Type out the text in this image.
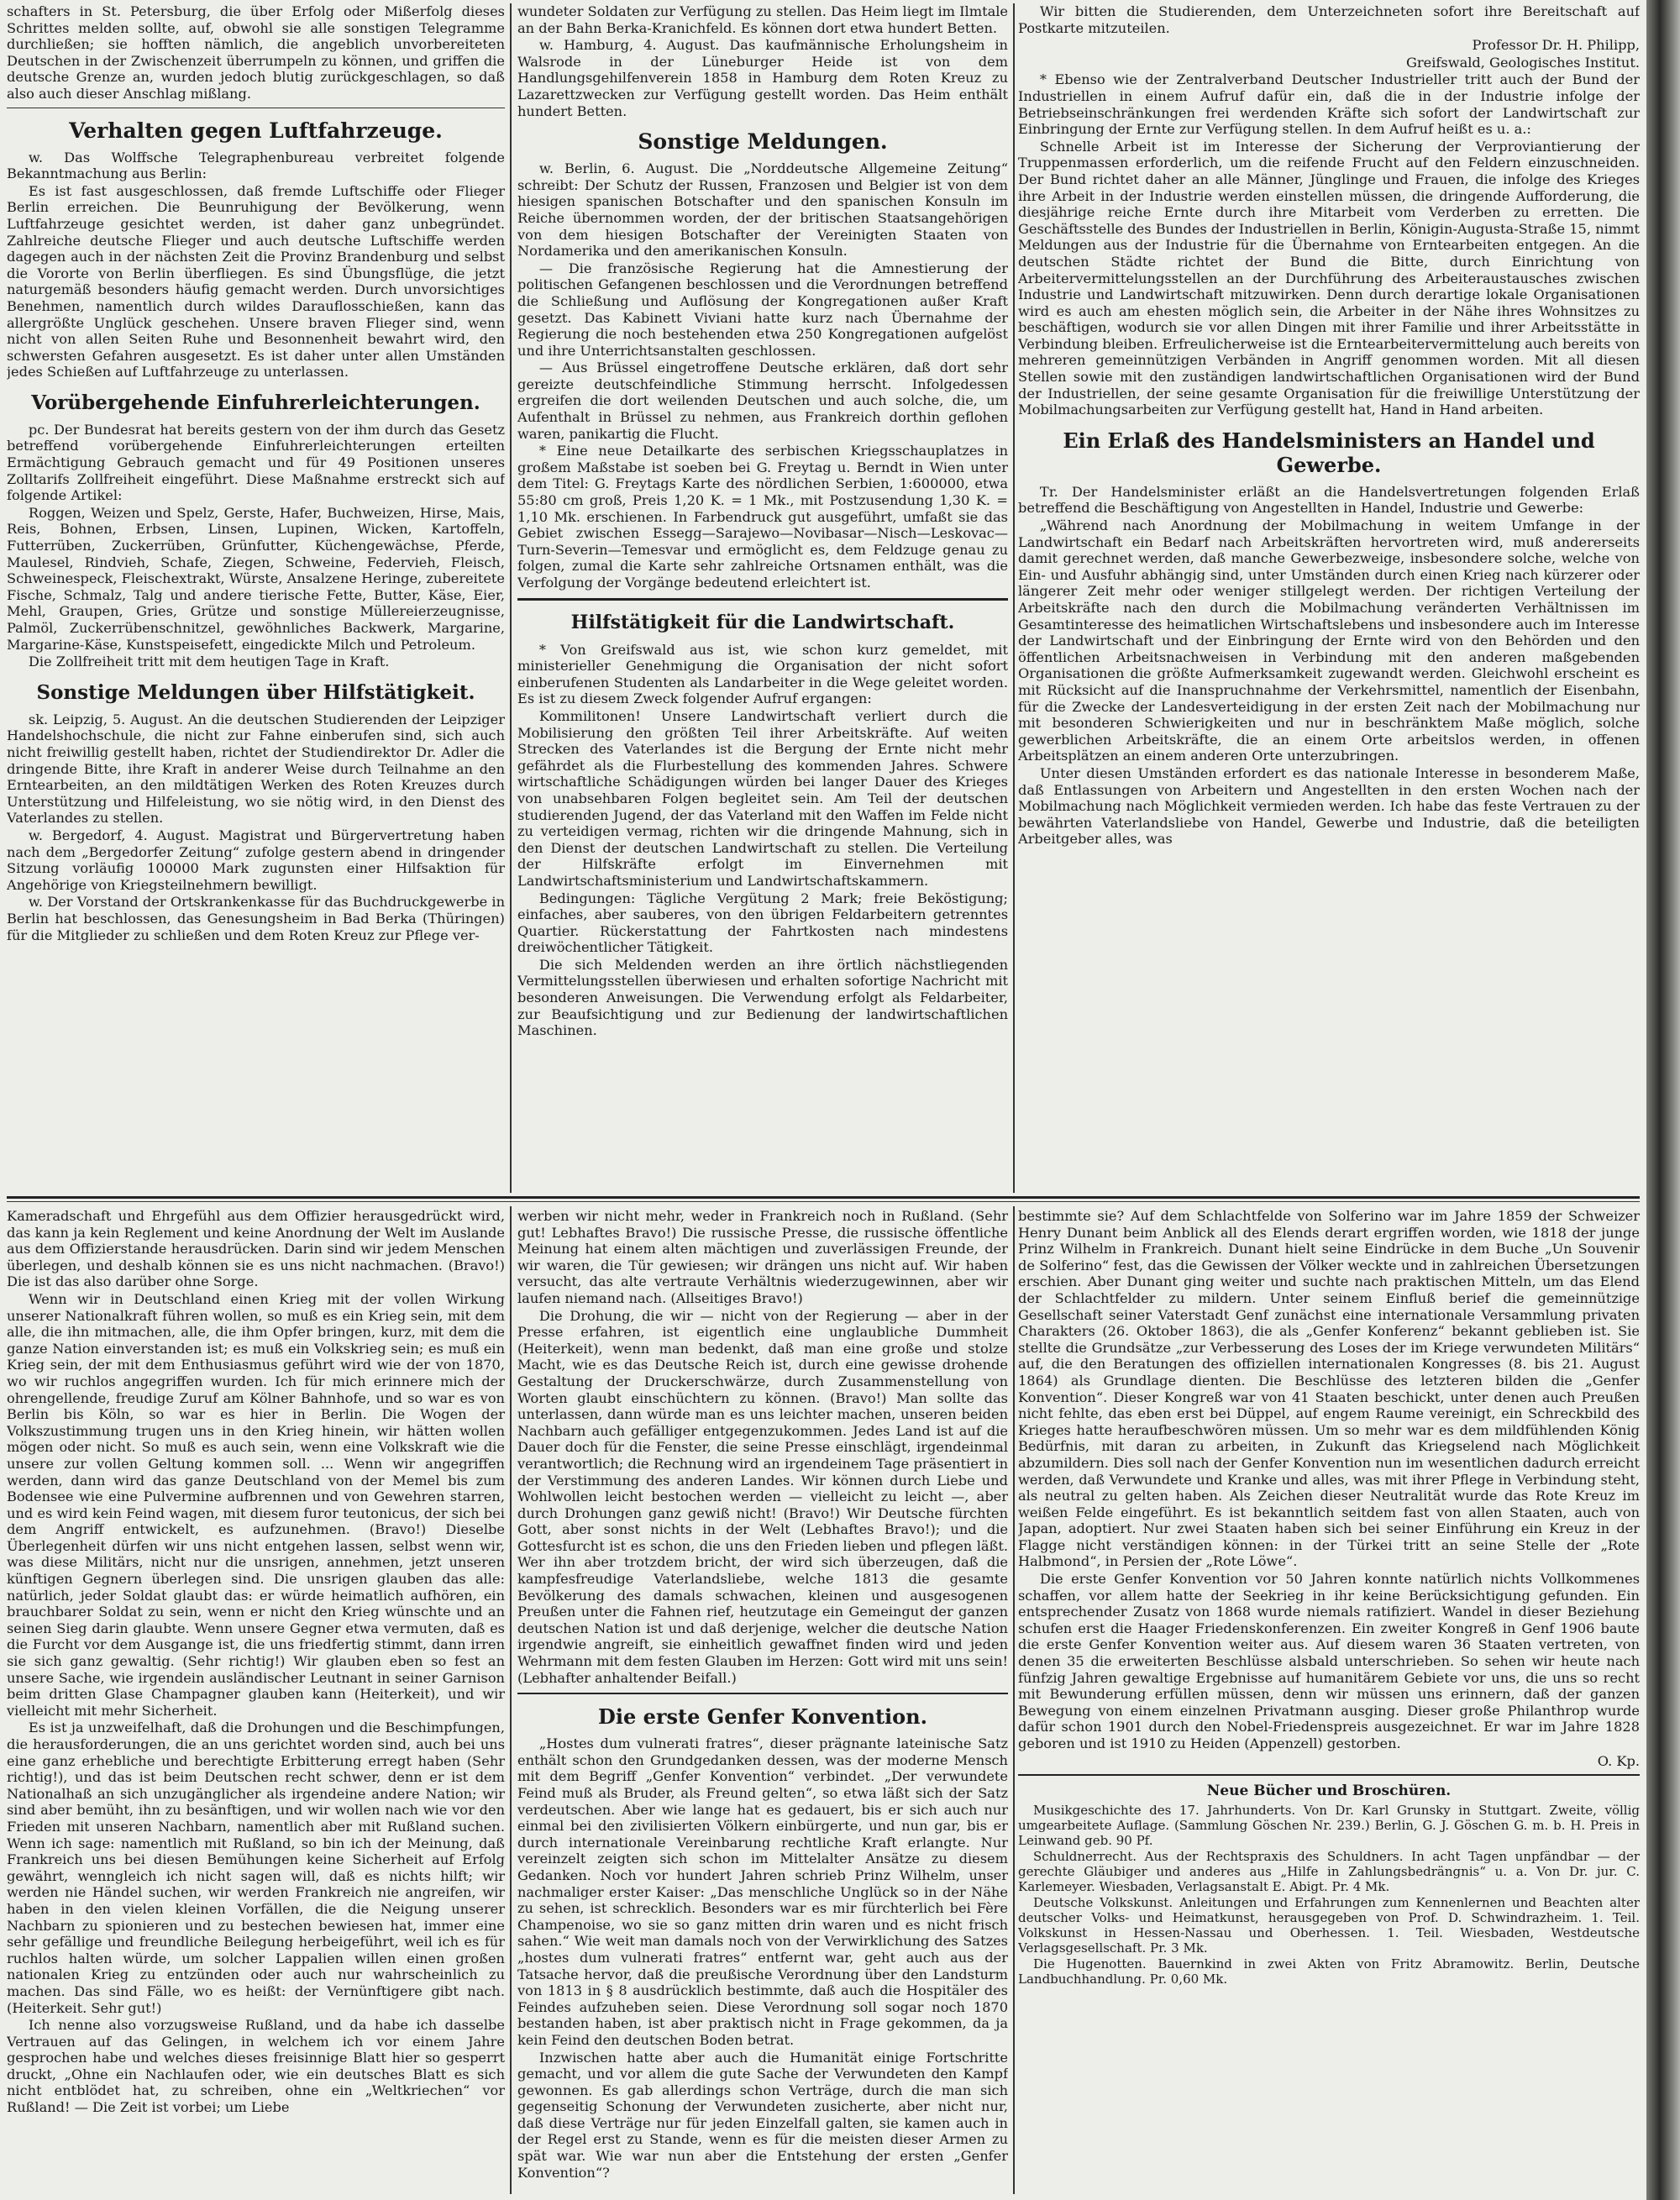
schafters in St. Petersburg, die über Erfolg oder Mißerfolg dieses Schrittes melden sollte, auf, obwohl sie alle sonstigen Telegramme durchließen; sie hofften nämlich, die angeblich unvorbereiteten Deutschen in der Zwischenzeit überrumpeln zu können, und griffen die deutsche Grenze an, wurden jedoch blutig zurückgeschlagen, so daß also auch dieser Anschlag mißlang.

Verhalten gegen Luftfahrzeuge.

w. Das Wolffsche Telegraphenbureau verbreitet folgende Bekanntmachung aus Berlin:

Es ist fast ausgeschlossen, daß fremde Luftschiffe oder Flieger Berlin erreichen. Die Beunruhigung der Bevölkerung, wenn Luftfahrzeuge gesichtet werden, ist daher ganz unbegründet. Zahlreiche deutsche Flieger und auch deutsche Luftschiffe werden dagegen auch in der nächsten Zeit die Provinz Brandenburg und selbst die Vororte von Berlin überfliegen. Es sind Übungsflüge, die jetzt naturgemäß besonders häufig gemacht werden. Durch unvorsichtiges Benehmen, namentlich durch wildes Darauflosschießen, kann das allergrößte Unglück geschehen. Unsere braven Flieger sind, wenn nicht von allen Seiten Ruhe und Besonnenheit bewahrt wird, den schwersten Gefahren ausgesetzt. Es ist daher unter allen Umständen jedes Schießen auf Luftfahrzeuge zu unterlassen.

Vorübergehende Einfuhrerleichterungen.

pc. Der Bundesrat hat bereits gestern von der ihm durch das Gesetz betreffend vorübergehende Einfuhrerleichterungen erteilten Ermächtigung Gebrauch gemacht und für 49 Positionen unseres Zolltarifs Zollfreiheit eingeführt. Diese Maßnahme erstreckt sich auf folgende Artikel:

Roggen, Weizen und Spelz, Gerste, Hafer, Buchweizen, Hirse, Mais, Reis, Bohnen, Erbsen, Linsen, Lupinen, Wicken, Kartoffeln, Futterrüben, Zuckerrüben, Grünfutter, Küchengewächse, Pferde, Maulesel, Rindvieh, Schafe, Ziegen, Schweine, Federvieh, Fleisch, Schweinespeck, Fleischextrakt, Würste, Ansalzene Heringe, zubereitete Fische, Schmalz, Talg und andere tierische Fette, Butter, Käse, Eier, Mehl, Graupen, Gries, Grütze und sonstige Müllereierzeugnisse, Palmöl, Zuckerrübenschnitzel, gewöhnliches Backwerk, Margarine, Margarine-Käse, Kunstspeisefett, eingedickte Milch und Petroleum.

Die Zollfreiheit tritt mit dem heutigen Tage in Kraft.

Sonstige Meldungen über Hilfstätigkeit.

sk. Leipzig, 5. August. An die deutschen Studierenden der Leipziger Handelshochschule, die nicht zur Fahne einberufen sind, sich auch nicht freiwillig gestellt haben, richtet der Studiendirektor Dr. Adler die dringende Bitte, ihre Kraft in anderer Weise durch Teilnahme an den Erntearbeiten, an den mildtätigen Werken des Roten Kreuzes durch Unterstützung und Hilfeleistung, wo sie nötig wird, in den Dienst des Vaterlandes zu stellen.

w. Bergedorf, 4. August. Magistrat und Bürgervertretung haben nach dem „Bergedorfer Zeitung“ zufolge gestern abend in dringender Sitzung vorläufig 100000 Mark zugunsten einer Hilfsaktion für Angehörige von Kriegsteilnehmern bewilligt.

w. Der Vorstand der Ortskrankenkasse für das Buchdruckgewerbe in Berlin hat beschlossen, das Genesungsheim in Bad Berka (Thüringen) für die Mitglieder zu schließen und dem Roten Kreuz zur Pflege ver-

wundeter Soldaten zur Verfügung zu stellen. Das Heim liegt im Ilmtale an der Bahn Berka-Kranichfeld. Es können dort etwa hundert Betten.

w. Hamburg, 4. August. Das kaufmännische Erholungsheim in Walsrode in der Lüneburger Heide ist von dem Handlungsgehilfenverein 1858 in Hamburg dem Roten Kreuz zu Lazarettzwecken zur Verfügung gestellt worden. Das Heim enthält hundert Betten.

Sonstige Meldungen.

w. Berlin, 6. August. Die „Norddeutsche Allgemeine Zeitung“ schreibt: Der Schutz der Russen, Franzosen und Belgier ist von dem hiesigen spanischen Botschafter und den spanischen Konsuln im Reiche übernommen worden, der der britischen Staatsangehörigen von dem hiesigen Botschafter der Vereinigten Staaten von Nordamerika und den amerikanischen Konsuln.

— Die französische Regierung hat die Amnestierung der politischen Gefangenen beschlossen und die Verordnungen betreffend die Schließung und Auflösung der Kongregationen außer Kraft gesetzt. Das Kabinett Viviani hatte kurz nach Übernahme der Regierung die noch bestehenden etwa 250 Kongregationen aufgelöst und ihre Unterrichtsanstalten geschlossen.

— Aus Brüssel eingetroffene Deutsche erklären, daß dort sehr gereizte deutschfeindliche Stimmung herrscht. Infolgedessen ergreifen die dort weilenden Deutschen und auch solche, die, um Aufenthalt in Brüssel zu nehmen, aus Frankreich dorthin geflohen waren, panikartig die Flucht.

* Eine neue Detailkarte des serbischen Kriegsschauplatzes in großem Maßstabe ist soeben bei G. Freytag u. Berndt in Wien unter dem Titel: G. Freytags Karte des nördlichen Serbien, 1:600000, etwa 55:80 cm groß, Preis 1,20 K. = 1 Mk., mit Postzusendung 1,30 K. = 1,10 Mk. erschienen. In Farbendruck gut ausgeführt, umfaßt sie das Gebiet zwischen Essegg—Sarajewo—Novibasar—Nisch—Leskovac—Turn-Severin—Temesvar und ermöglicht es, dem Feldzuge genau zu folgen, zumal die Karte sehr zahlreiche Ortsnamen enthält, was die Verfolgung der Vorgänge bedeutend erleichtert ist.

Hilfstätigkeit für die Landwirtschaft.

* Von Greifswald aus ist, wie schon kurz gemeldet, mit ministerieller Genehmigung die Organisation der nicht sofort einberufenen Studenten als Landarbeiter in die Wege geleitet worden. Es ist zu diesem Zweck folgender Aufruf ergangen:

Kommilitonen! Unsere Landwirtschaft verliert durch die Mobilisierung den größten Teil ihrer Arbeitskräfte. Auf weiten Strecken des Vaterlandes ist die Bergung der Ernte nicht mehr gefährdet als die Flurbestellung des kommenden Jahres. Schwere wirtschaftliche Schädigungen würden bei langer Dauer des Krieges von unabsehbaren Folgen begleitet sein. Am Teil der deutschen studierenden Jugend, der das Vaterland mit den Waffen im Felde nicht zu verteidigen vermag, richten wir die dringende Mahnung, sich in den Dienst der deutschen Landwirtschaft zu stellen. Die Verteilung der Hilfskräfte erfolgt im Einvernehmen mit Landwirtschaftsministerium und Landwirtschaftskammern.

Bedingungen: Tägliche Vergütung 2 Mark; freie Beköstigung; einfaches, aber sauberes, von den übrigen Feldarbeitern getrenntes Quartier. Rückerstattung der Fahrtkosten nach mindestens dreiwöchentlicher Tätigkeit.

Die sich Meldenden werden an ihre örtlich nächstliegenden Vermittelungsstellen überwiesen und erhalten sofortige Nachricht mit besonderen Anweisungen. Die Verwendung erfolgt als Feldarbeiter, zur Beaufsichtigung und zur Bedienung der landwirtschaftlichen Maschinen.

Wir bitten die Studierenden, dem Unterzeichneten sofort ihre Bereitschaft auf Postkarte mitzuteilen.

Professor Dr. H. Philipp,

Greifswald, Geologisches Institut.

* Ebenso wie der Zentralverband Deutscher Industrieller tritt auch der Bund der Industriellen in einem Aufruf dafür ein, daß die in der Industrie infolge der Betriebseinschränkungen frei werdenden Kräfte sich sofort der Landwirtschaft zur Einbringung der Ernte zur Verfügung stellen. In dem Aufruf heißt es u. a.:

Schnelle Arbeit ist im Interesse der Sicherung der Verproviantierung der Truppenmassen erforderlich, um die reifende Frucht auf den Feldern einzuschneiden. Der Bund richtet daher an alle Männer, Jünglinge und Frauen, die infolge des Krieges ihre Arbeit in der Industrie werden einstellen müssen, die dringende Aufforderung, die diesjährige reiche Ernte durch ihre Mitarbeit vom Verderben zu erretten. Die Geschäftsstelle des Bundes der Industriellen in Berlin, Königin-Augusta-Straße 15, nimmt Meldungen aus der Industrie für die Übernahme von Erntearbeiten entgegen. An die deutschen Städte richtet der Bund die Bitte, durch Einrichtung von Arbeitervermittelungsstellen an der Durchführung des Arbeiteraustausches zwischen Industrie und Landwirtschaft mitzuwirken. Denn durch derartige lokale Organisationen wird es auch am ehesten möglich sein, die Arbeiter in der Nähe ihres Wohnsitzes zu beschäftigen, wodurch sie vor allen Dingen mit ihrer Familie und ihrer Arbeitsstätte in Verbindung bleiben. Erfreulicherweise ist die Erntearbeitervermittelung auch bereits von mehreren gemeinnützigen Verbänden in Angriff genommen worden. Mit all diesen Stellen sowie mit den zuständigen landwirtschaftlichen Organisationen wird der Bund der Industriellen, der seine gesamte Organisation für die freiwillige Unterstützung der Mobilmachungsarbeiten zur Verfügung gestellt hat, Hand in Hand arbeiten.

Ein Erlaß des Handelsministers an Handel und Gewerbe.

Tr. Der Handelsminister erläßt an die Handelsvertretungen folgenden Erlaß betreffend die Beschäftigung von Angestellten in Handel, Industrie und Gewerbe:

„Während nach Anordnung der Mobilmachung in weitem Umfange in der Landwirtschaft ein Bedarf nach Arbeitskräften hervortreten wird, muß andererseits damit gerechnet werden, daß manche Gewerbezweige, insbesondere solche, welche von Ein- und Ausfuhr abhängig sind, unter Umständen durch einen Krieg nach kürzerer oder längerer Zeit mehr oder weniger stillgelegt werden. Der richtigen Verteilung der Arbeitskräfte nach den durch die Mobilmachung veränderten Verhältnissen im Gesamtinteresse des heimatlichen Wirtschaftslebens und insbesondere auch im Interesse der Landwirtschaft und der Einbringung der Ernte wird von den Behörden und den öffentlichen Arbeitsnachweisen in Verbindung mit den anderen maßgebenden Organisationen die größte Aufmerksamkeit zugewandt werden. Gleichwohl erscheint es mit Rücksicht auf die Inanspruchnahme der Verkehrsmittel, namentlich der Eisenbahn, für die Zwecke der Landesverteidigung in der ersten Zeit nach der Mobilmachung nur mit besonderen Schwierigkeiten und nur in beschränktem Maße möglich, solche gewerblichen Arbeitskräfte, die an einem Orte arbeitslos werden, in offenen Arbeitsplätzen an einem anderen Orte unterzubringen.

Unter diesen Umständen erfordert es das nationale Interesse in besonderem Maße, daß Entlassungen von Arbeitern und Angestellten in den ersten Wochen nach der Mobilmachung nach Möglichkeit vermieden werden. Ich habe das feste Vertrauen zu der bewährten Vaterlandsliebe von Handel, Gewerbe und Industrie, daß die beteiligten Arbeitgeber alles, was

Kameradschaft und Ehrgefühl aus dem Offizier herausgedrückt wird, das kann ja kein Reglement und keine Anordnung der Welt im Auslande aus dem Offizierstande herausdrücken. Darin sind wir jedem Menschen überlegen, und deshalb können sie es uns nicht nachmachen. (Bravo!) Die ist das also darüber ohne Sorge.

Wenn wir in Deutschland einen Krieg mit der vollen Wirkung unserer Nationalkraft führen wollen, so muß es ein Krieg sein, mit dem alle, die ihn mitmachen, alle, die ihm Opfer bringen, kurz, mit dem die ganze Nation einverstanden ist; es muß ein Volkskrieg sein; es muß ein Krieg sein, der mit dem Enthusiasmus geführt wird wie der von 1870, wo wir ruchlos angegriffen wurden. Ich für mich erinnere mich der ohrengellende, freudige Zuruf am Kölner Bahnhofe, und so war es von Berlin bis Köln, so war es hier in Berlin. Die Wogen der Volkszustimmung trugen uns in den Krieg hinein, wir hätten wollen mögen oder nicht. So muß es auch sein, wenn eine Volkskraft wie die unsere zur vollen Geltung kommen soll. ... Wenn wir angegriffen werden, dann wird das ganze Deutschland von der Memel bis zum Bodensee wie eine Pulvermine aufbrennen und von Gewehren starren, und es wird kein Feind wagen, mit diesem furor teutonicus, der sich bei dem Angriff entwickelt, es aufzunehmen. (Bravo!) Dieselbe Überlegenheit dürfen wir uns nicht entgehen lassen, selbst wenn wir, was diese Militärs, nicht nur die unsrigen, annehmen, jetzt unseren künftigen Gegnern überlegen sind. Die unsrigen glauben das alle: natürlich, jeder Soldat glaubt das: er würde heimatlich aufhören, ein brauchbarer Soldat zu sein, wenn er nicht den Krieg wünschte und an seinen Sieg darin glaubte. Wenn unsere Gegner etwa vermuten, daß es die Furcht vor dem Ausgange ist, die uns friedfertig stimmt, dann irren sie sich ganz gewaltig. (Sehr richtig!) Wir glauben eben so fest an unsere Sache, wie irgendein ausländischer Leutnant in seiner Garnison beim dritten Glase Champagner glauben kann (Heiterkeit), und wir vielleicht mit mehr Sicherheit.

Es ist ja unzweifelhaft, daß die Drohungen und die Beschimpfungen, die herausforderungen, die an uns gerichtet worden sind, auch bei uns eine ganz erhebliche und berechtigte Erbitterung erregt haben (Sehr richtig!), und das ist beim Deutschen recht schwer, denn er ist dem Nationalhaß an sich unzugänglicher als irgendeine andere Nation; wir sind aber bemüht, ihn zu besänftigen, und wir wollen nach wie vor den Frieden mit unseren Nachbarn, namentlich aber mit Rußland suchen. Wenn ich sage: namentlich mit Rußland, so bin ich der Meinung, daß Frankreich uns bei diesen Bemühungen keine Sicherheit auf Erfolg gewährt, wenngleich ich nicht sagen will, daß es nichts hilft; wir werden nie Händel suchen, wir werden Frankreich nie angreifen, wir haben in den vielen kleinen Vorfällen, die die Neigung unserer Nachbarn zu spionieren und zu bestechen bewiesen hat, immer eine sehr gefällige und freundliche Beilegung herbeigeführt, weil ich es für ruchlos halten würde, um solcher Lappalien willen einen großen nationalen Krieg zu entzünden oder auch nur wahrscheinlich zu machen. Das sind Fälle, wo es heißt: der Vernünftigere gibt nach. (Heiterkeit. Sehr gut!)

Ich nenne also vorzugsweise Rußland, und da habe ich dasselbe Vertrauen auf das Gelingen, in welchem ich vor einem Jahre gesprochen habe und welches dieses freisinnige Blatt hier so gesperrt druckt, „Ohne ein Nachlaufen oder, wie ein deutsches Blatt es sich nicht entblödet hat, zu schreiben, ohne ein „Weltkriechen“ vor Rußland! — Die Zeit ist vorbei; um Liebe

werben wir nicht mehr, weder in Frankreich noch in Rußland. (Sehr gut! Lebhaftes Bravo!) Die russische Presse, die russische öffentliche Meinung hat einem alten mächtigen und zuverlässigen Freunde, der wir waren, die Tür gewiesen; wir drängen uns nicht auf. Wir haben versucht, das alte vertraute Verhältnis wiederzugewinnen, aber wir laufen niemand nach. (Allseitiges Bravo!)

Die Drohung, die wir — nicht von der Regierung — aber in der Presse erfahren, ist eigentlich eine unglaubliche Dummheit (Heiterkeit), wenn man bedenkt, daß man eine große und stolze Macht, wie es das Deutsche Reich ist, durch eine gewisse drohende Gestaltung der Druckerschwärze, durch Zusammenstellung von Worten glaubt einschüchtern zu können. (Bravo!) Man sollte das unterlassen, dann würde man es uns leichter machen, unseren beiden Nachbarn auch gefälliger entgegenzukommen. Jedes Land ist auf die Dauer doch für die Fenster, die seine Presse einschlägt, irgendeinmal verantwortlich; die Rechnung wird an irgendeinem Tage präsentiert in der Verstimmung des anderen Landes. Wir können durch Liebe und Wohlwollen leicht bestochen werden — vielleicht zu leicht —, aber durch Drohungen ganz gewiß nicht! (Bravo!) Wir Deutsche fürchten Gott, aber sonst nichts in der Welt (Lebhaftes Bravo!); und die Gottesfurcht ist es schon, die uns den Frieden lieben und pflegen läßt. Wer ihn aber trotzdem bricht, der wird sich überzeugen, daß die kampfesfreudige Vaterlandsliebe, welche 1813 die gesamte Bevölkerung des damals schwachen, kleinen und ausgesogenen Preußen unter die Fahnen rief, heutzutage ein Gemeingut der ganzen deutschen Nation ist und daß derjenige, welcher die deutsche Nation irgendwie angreift, sie einheitlich gewaffnet finden wird und jeden Wehrmann mit dem festen Glauben im Herzen: Gott wird mit uns sein! (Lebhafter anhaltender Beifall.)

Die erste Genfer Konvention.

„Hostes dum vulnerati fratres“, dieser prägnante lateinische Satz enthält schon den Grundgedanken dessen, was der moderne Mensch mit dem Begriff „Genfer Konvention“ verbindet. „Der verwundete Feind muß als Bruder, als Freund gelten“, so etwa läßt sich der Satz verdeutschen. Aber wie lange hat es gedauert, bis er sich auch nur einmal bei den zivilisierten Völkern einbürgerte, und nun gar, bis er durch internationale Vereinbarung rechtliche Kraft erlangte. Nur vereinzelt zeigten sich schon im Mittelalter Ansätze zu diesem Gedanken. Noch vor hundert Jahren schrieb Prinz Wilhelm, unser nachmaliger erster Kaiser: „Das menschliche Unglück so in der Nähe zu sehen, ist schrecklich. Besonders war es mir fürchterlich bei Fère Champenoise, wo sie so ganz mitten drin waren und es nicht frisch sahen.“ Wie weit man damals noch von der Verwirklichung des Satzes „hostes dum vulnerati fratres“ entfernt war, geht auch aus der Tatsache hervor, daß die preußische Verordnung über den Landsturm von 1813 in § 8 ausdrücklich bestimmte, daß auch die Hospitäler des Feindes aufzuheben seien. Diese Verordnung soll sogar noch 1870 bestanden haben, ist aber praktisch nicht in Frage gekommen, da ja kein Feind den deutschen Boden betrat.

Inzwischen hatte aber auch die Humanität einige Fortschritte gemacht, und vor allem die gute Sache der Verwundeten den Kampf gewonnen. Es gab allerdings schon Verträge, durch die man sich gegenseitig Schonung der Verwundeten zusicherte, aber nicht nur, daß diese Verträge nur für jeden Einzelfall galten, sie kamen auch in der Regel erst zu Stande, wenn es für die meisten dieser Armen zu spät war. Wie war nun aber die Entstehung der ersten „Genfer Konvention“?

bestimmte sie? Auf dem Schlachtfelde von Solferino war im Jahre 1859 der Schweizer Henry Dunant beim Anblick all des Elends derart ergriffen worden, wie 1818 der junge Prinz Wilhelm in Frankreich. Dunant hielt seine Eindrücke in dem Buche „Un Souvenir de Solferino“ fest, das die Gewissen der Völker weckte und in zahlreichen Übersetzungen erschien. Aber Dunant ging weiter und suchte nach praktischen Mitteln, um das Elend der Schlachtfelder zu mildern. Unter seinem Einfluß berief die gemeinnützige Gesellschaft seiner Vaterstadt Genf zunächst eine internationale Versammlung privaten Charakters (26. Oktober 1863), die als „Genfer Konferenz“ bekannt geblieben ist. Sie stellte die Grundsätze „zur Verbesserung des Loses der im Kriege verwundeten Militärs“ auf, die den Beratungen des offiziellen internationalen Kongresses (8. bis 21. August 1864) als Grundlage dienten. Die Beschlüsse des letzteren bilden die „Genfer Konvention“. Dieser Kongreß war von 41 Staaten beschickt, unter denen auch Preußen nicht fehlte, das eben erst bei Düppel, auf engem Raume vereinigt, ein Schreckbild des Krieges hatte heraufbeschwören müssen. Um so mehr war es dem mildfühlenden König Bedürfnis, mit daran zu arbeiten, in Zukunft das Kriegselend nach Möglichkeit abzumildern. Dies soll nach der Genfer Konvention nun im wesentlichen dadurch erreicht werden, daß Verwundete und Kranke und alles, was mit ihrer Pflege in Verbindung steht, als neutral zu gelten haben. Als Zeichen dieser Neutralität wurde das Rote Kreuz im weißen Felde eingeführt. Es ist bekanntlich seitdem fast von allen Staaten, auch von Japan, adoptiert. Nur zwei Staaten haben sich bei seiner Einführung ein Kreuz in der Flagge nicht verständigen können: in der Türkei tritt an seine Stelle der „Rote Halbmond“, in Persien der „Rote Löwe“.

Die erste Genfer Konvention vor 50 Jahren konnte natürlich nichts Vollkommenes schaffen, vor allem hatte der Seekrieg in ihr keine Berücksichtigung gefunden. Ein entsprechender Zusatz von 1868 wurde niemals ratifiziert. Wandel in dieser Beziehung schufen erst die Haager Friedenskonferenzen. Ein zweiter Kongreß in Genf 1906 baute die erste Genfer Konvention weiter aus. Auf diesem waren 36 Staaten vertreten, von denen 35 die erweiterten Beschlüsse alsbald unterschrieben. So sehen wir heute nach fünfzig Jahren gewaltige Ergebnisse auf humanitärem Gebiete vor uns, die uns so recht mit Bewunderung erfüllen müssen, denn wir müssen uns erinnern, daß der ganzen Bewegung von einem einzelnen Privatmann ausging. Dieser große Philanthrop wurde dafür schon 1901 durch den Nobel-Friedenspreis ausgezeichnet. Er war im Jahre 1828 geboren und ist 1910 zu Heiden (Appenzell) gestorben.

O. Kp.

Neue Bücher und Broschüren.

Musikgeschichte des 17. Jahrhunderts. Von Dr. Karl Grunsky in Stuttgart. Zweite, völlig umgearbeitete Auflage. (Sammlung Göschen Nr. 239.) Berlin, G. J. Göschen G. m. b. H. Preis in Leinwand geb. 90 Pf.

Schuldnerrecht. Aus der Rechtspraxis des Schuldners. In acht Tagen unpfändbar — der gerechte Gläubiger und anderes aus „Hilfe in Zahlungsbedrängnis“ u. a. Von Dr. jur. C. Karlemeyer. Wiesbaden, Verlagsanstalt E. Abigt. Pr. 4 Mk.

Deutsche Volkskunst. Anleitungen und Erfahrungen zum Kennenlernen und Beachten alter deutscher Volks- und Heimatkunst, herausgegeben von Prof. D. Schwindrazheim. 1. Teil. Volkskunst in Hessen-Nassau und Oberhessen. 1. Teil. Wiesbaden, Westdeutsche Verlagsgesellschaft. Pr. 3 Mk.

Die Hugenotten. Bauernkind in zwei Akten von Fritz Abramowitz. Berlin, Deutsche Landbuchhandlung. Pr. 0,60 Mk.
